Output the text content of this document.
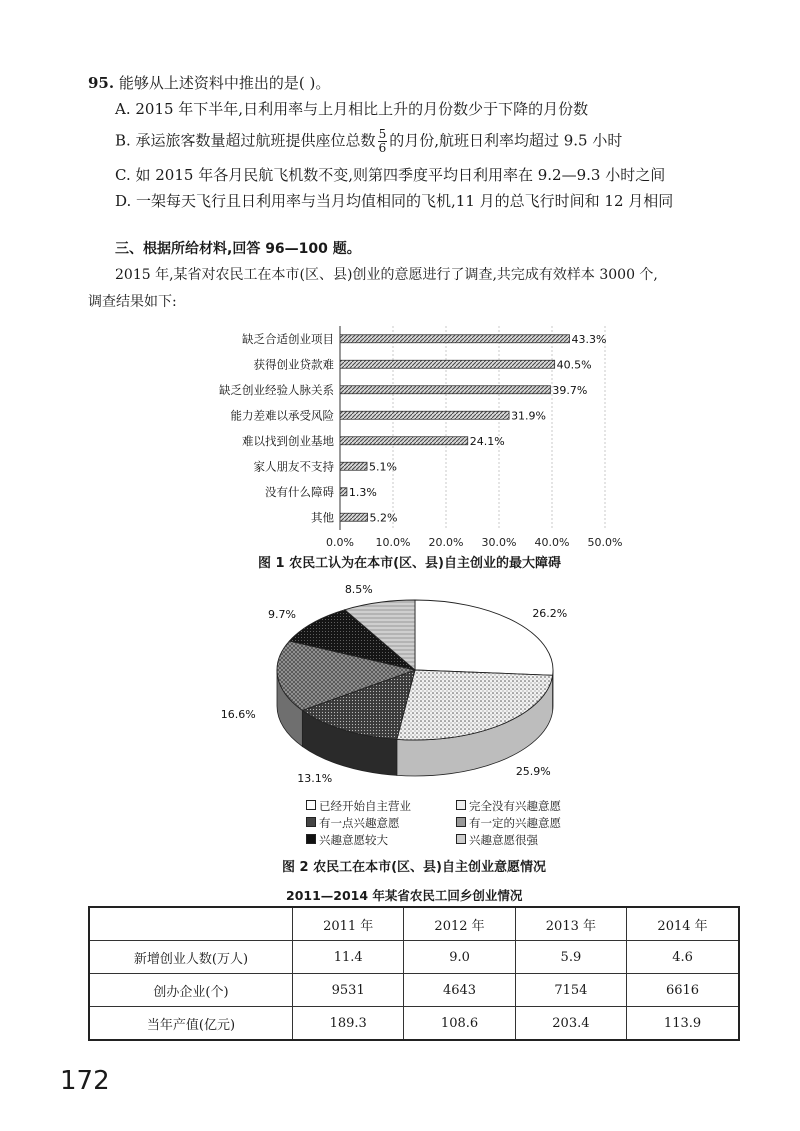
95. 能够从上述资料中推出的是( )。
A. 2015 年下半年,日利用率与上月相比上升的月份数少于下降的月份数
B. 承运旅客数量超过航班提供座位总数 $\frac{5}{6}$ 的月份,航班日利率均超过 9.5 小时
C. 如 2015 年各月民航飞机数不变,则第四季度平均日利用率在 9.2—9.3 小时之间
D. 一架每天飞行且日利用率与当月均值相同的飞机,11 月的总飞行时间和 12 月相同
三、根据所给材料,回答 96—100 题。
2015 年,某省对农民工在本市(区、县)创业的意愿进行了调查,共完成有效样本 3000 个,
调查结果如下:
0.0% 10.0% 20.0% 30.0% 40.0% 50.0%
缺乏合适创业项目	43.3%
获得创业贷款难	40.5%
缺乏创业经验人脉关系	39.7%
能力差难以承受风险	31.9%
难以找到创业基地	24.1%
家人朋友不支持	5.1%
没有什么障碍 1.3%
其他	5.2%
图 1 农民工认为在本市(区、县)自主创业的最大障碍
26.2%
25.9%
13.1%
16.6%
9.7%
8.5%
已经开始自主营业	完全没有兴趣意愿
有一点兴趣意愿	有一定的兴趣意愿
兴趣意愿较大	兴趣意愿很强
图 2 农民工在本市(区、县)自主创业意愿情况
2011—2014 年某省农民工回乡创业情况
	2011 年	2012 年	2013 年	2014 年
新增创业人数(万人)	11.4	9.0	5.9	4.6
创办企业(个)	9531	4643	7154	6616
当年产值(亿元)	189.3	108.6	203.4	113.9
172
